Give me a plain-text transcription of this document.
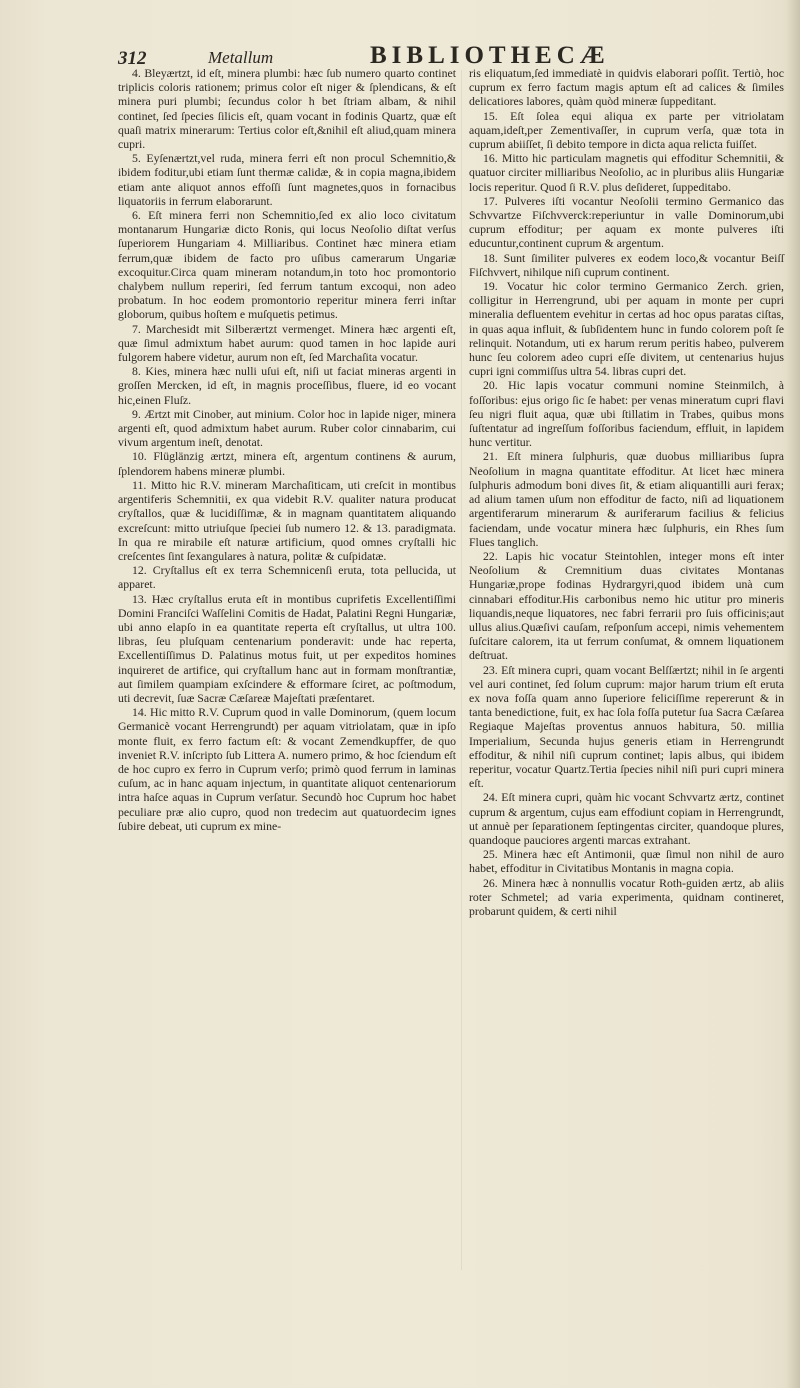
312	Metallum	BIBLIOTHECÆ

4. Bleyærtzt, id eſt, minera plumbi: hæc ſub numero quarto continet triplicis coloris rationem; primus color eſt niger & ſplendicans, & eſt minera puri plumbi; ſecundus color h bet ſtriam albam, & nihil continet, ſed ſpecies ſilicis eſt, quam vocant in fodinis Quartz, quæ eſt quaſi matrix minerarum: Tertius color eſt,&nihil eſt aliud,quam minera cupri.

5. Eyſenærtzt,vel ruda, minera ferri eſt non procul Schemnitio,& ibidem foditur,ubi etiam ſunt thermæ calidæ, & in copia magna,ibidem etiam ante aliquot annos effoſſi ſunt magnetes,quos in fornacibus liquatoriis in ferrum elaborarunt.

6. Eſt minera ferri non Schemnitio,ſed ex alio loco civitatum montanarum Hungariæ dicto Ronis, qui locus Neoſolio diſtat verſus ſuperiorem Hungariam 4. Milliaribus. Continet hæc minera etiam ferrum,quæ ibidem de facto pro uſibus camerarum Ungariæ excoquitur.Circa quam mineram notandum,in toto hoc promontorio chalybem nullum reperiri, ſed ferrum tantum excoqui, non adeo probatum. In hoc eodem promontorio reperitur minera ferri inſtar globorum, quibus hoſtem e muſquetis petimus.

7. Marchesidt mit Silberærtzt vermenget. Minera hæc argenti eſt, quæ ſimul admixtum habet aurum: quod tamen in hoc lapide auri fulgorem habere videtur, aurum non eſt, ſed Marchaſita vocatur.

8. Kies, minera hæc nulli uſui eſt, niſi ut faciat mineras argenti in groſſen Mercken, id eſt, in magnis proceſſibus, fluere, id eo vocant hic,einen Fluſz.

9. Ærtzt mit Cinober, aut minium. Color hoc in lapide niger, minera argenti eſt, quod admixtum habet aurum. Ruber color cinnabarim, cui vivum argentum ineſt, denotat.

10. Flüglänzig ærtzt, minera eſt, argentum continens & aurum, ſplendorem habens mineræ plumbi.

11. Mitto hic R.V. mineram Marchaſiticam, uti creſcit in montibus argentiferis Schemnitii, ex qua videbit R.V. qualiter natura producat cryſtallos, quæ & lucidiſſimæ, & in magnam quantitatem aliquando excreſcunt: mitto utriuſque ſpeciei ſub numero 12. & 13. paradigmata. In qua re mirabile eſt naturæ artificium, quod omnes cryſtalli hic creſcentes ſint ſexangulares à natura, politæ & cuſpidatæ.

12. Cryſtallus eſt ex terra Schemnicenſi eruta, tota pellucida, ut apparet.

13. Hæc cryſtallus eruta eſt in montibus cuprifetis Excellentiſſimi Domini Franciſci Waſſelini Comitis de Hadat, Palatini Regni Hungariæ, ubi anno elapſo in ea quantitate reperta eſt cryſtallus, ut ultra 100. libras, ſeu pluſquam centenarium ponderavit: unde hac reperta, Excellentiſſimus D. Palatinus motus fuit, ut per expeditos homines inquireret de artifice, qui cryſtallum hanc aut in formam monſtrantiæ, aut ſimilem quampiam exſcindere & efformare ſciret, ac poſtmodum, uti decrevit, ſuæ Sacræ Cæſareæ Majeſtati præſentaret.

14. Hic mitto R.V. Cuprum quod in valle Dominorum, (quem locum Germanicè vocant Herrengrundt) per aquam vitriolatam, quæ in ipſo monte fluit, ex ferro factum eſt: & vocant Zemendkupffer, de quo inveniet R.V. inſcripto ſub Littera A. numero primo, & hoc ſciendum eſt de hoc cupro ex ferro in Cuprum verſo; primò quod ferrum in laminas cuſum, ac in hanc aquam injectum, in quantitate aliquot centenariorum intra haſce aquas in Cuprum verſatur. Secundò hoc Cuprum hoc habet peculiare præ alio cupro, quod non tredecim aut quatuordecim ignes ſubire debeat, uti cuprum ex mine-

ris eliquatum,ſed immediatè in quidvis elaborari poſſit. Tertiò, hoc cuprum ex ferro factum magis aptum eſt ad calices & ſimiles delicatiores labores, quàm quòd mineræ ſuppeditant.

15. Eſt ſolea equi aliqua ex parte per vitriolatam aquam,ideſt,per Zementivaſſer, in cuprum verſa, quæ tota in cuprum abiiſſet, ſi debito tempore in dicta aqua relicta fuiſſet.

16. Mitto hic particulam magnetis qui effoditur Schemnitii, & quatuor circiter milliaribus Neoſolio, ac in pluribus aliis Hungariæ locis reperitur. Quod ſi R.V. plus deſideret, ſuppeditabo.

17. Pulveres iſti vocantur Neoſolii termino Germanico das Schvvartze Fiſchvverck:reperiuntur in valle Dominorum,ubi cuprum effoditur; per aquam ex monte pulveres iſti educuntur,continent cuprum & argentum.

18. Sunt ſimiliter pulveres ex eodem loco,& vocantur Beiſſ Fiſchvvert, nihilque niſi cuprum continent.

19. Vocatur hic color termino Germanico Zerch. grien, colligitur in Herrengrund, ubi per aquam in monte per cupri mineralia defluentem evehitur in certas ad hoc opus paratas ciſtas, in quas aqua influit, & ſubſidentem hunc in fundo colorem poſt ſe relinquit. Notandum, uti ex harum rerum peritis habeo, pulverem hunc ſeu colorem adeo cupri eſſe divitem, ut centenarius hujus cupri igni commiſſus ultra 54. libras cupri det.

20. Hic lapis vocatur communi nomine Steinmilch, à foſſoribus: ejus origo ſic ſe habet: per venas mineratum cupri flavi ſeu nigri fluit aqua, quæ ubi ſtillatim in Trabes, quibus mons ſuſtentatur ad ingreſſum foſſoribus faciendum, effluit, in lapidem hunc vertitur.

21. Eſt minera ſulphuris, quæ duobus milliaribus ſupra Neoſolium in magna quantitate effoditur. At licet hæc minera ſulphuris admodum boni dives ſit, & etiam aliquantilli auri ferax; ad alium tamen uſum non effoditur de facto, niſi ad liquationem argentiferarum minerarum & auriferarum facilius & felicius faciendam, unde vocatur minera hæc ſulphuris, ein Rhes ſum Flues tanglich.

22. Lapis hic vocatur Steintohlen, integer mons eſt inter Neoſolium & Cremnitium duas civitates Montanas Hungariæ,prope fodinas Hydrargyri,quod ibidem unà cum cinnabari effoditur.His carbonibus nemo hic utitur pro mineris liquandis,neque liquatores, nec fabri ferrarii pro ſuis officinis;aut ullus alius.Quæſivi cauſam, reſponſum accepi, nimis vehementem ſuſcitare calorem, ita ut ferrum conſumat, & omnem liquationem deſtruat.

23. Eſt minera cupri, quam vocant Belſſærtzt; nihil in ſe argenti vel auri continet, ſed ſolum cuprum: major harum trium eſt eruta ex nova foſſa quam anno ſuperiore feliciſſime repererunt & in tanta benedictione, fuit, ex hac ſola foſſa putetur ſua Sacra Cæſarea Regiaque Majeſtas proventus annuos habitura, 50. millia Imperialium, Secunda hujus generis etiam in Herrengrundt effoditur, & nihil niſi cuprum continet; lapis albus, qui ibidem reperitur, vocatur Quartz.Tertia ſpecies nihil niſi puri cupri minera eſt.

24. Eſt minera cupri, quàm hic vocant Schvvartz ærtz, continet cuprum & argentum, cujus eam effodiunt copiam in Herrengrundt, ut annuè per ſeparationem ſeptingentas circiter, quandoque plures, quandoque pauciores argenti marcas extrahant.

25. Minera hæc eſt Antimonii, quæ ſimul non nihil de auro habet, effoditur in Civitatibus Montanis in magna copia.

26. Minera hæc à nonnullis vocatur Roth-guiden ærtz, ab aliis roter Schmetel; ad varia experimenta, quidnam contineret, probarunt quidem, & certi nihil
